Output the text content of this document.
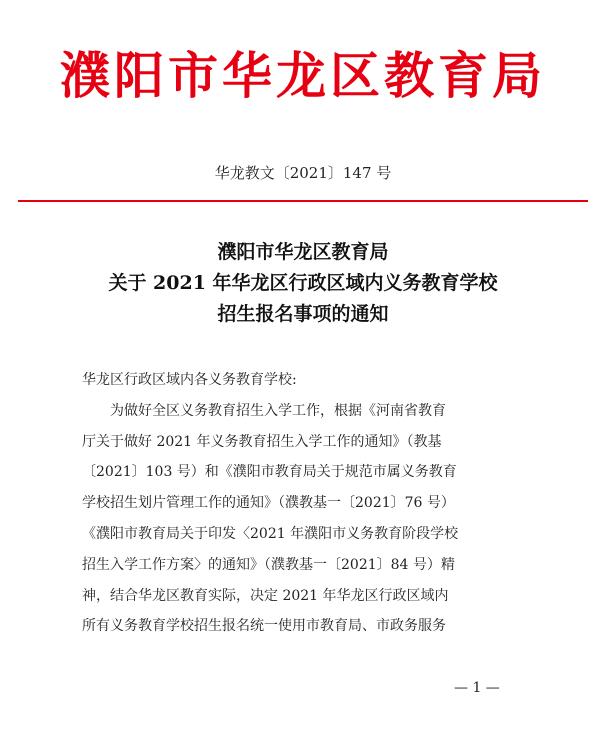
濮阳市华龙区教育局
华龙教文〔2021〕147 号
濮阳市华龙区教育局
关于 2021 年华龙区行政区域内义务教育学校
招生报名事项的通知
华龙区行政区域内各义务教育学校:
为做好全区义务教育招生入学工作，根据《河南省教育
厅关于做好 2021 年义务教育招生入学工作的通知》（教基
〔2021〕103 号）和《濮阳市教育局关于规范市属义务教育
学校招生划片管理工作的通知》（濮教基一〔2021〕76 号）
《濮阳市教育局关于印发〈2021 年濮阳市义务教育阶段学校
招生入学工作方案〉的通知》（濮教基一〔2021〕84 号）精
神，结合华龙区教育实际，决定 2021 年华龙区行政区域内
所有义务教育学校招生报名统一使用市教育局、市政务服务
— 1 —
